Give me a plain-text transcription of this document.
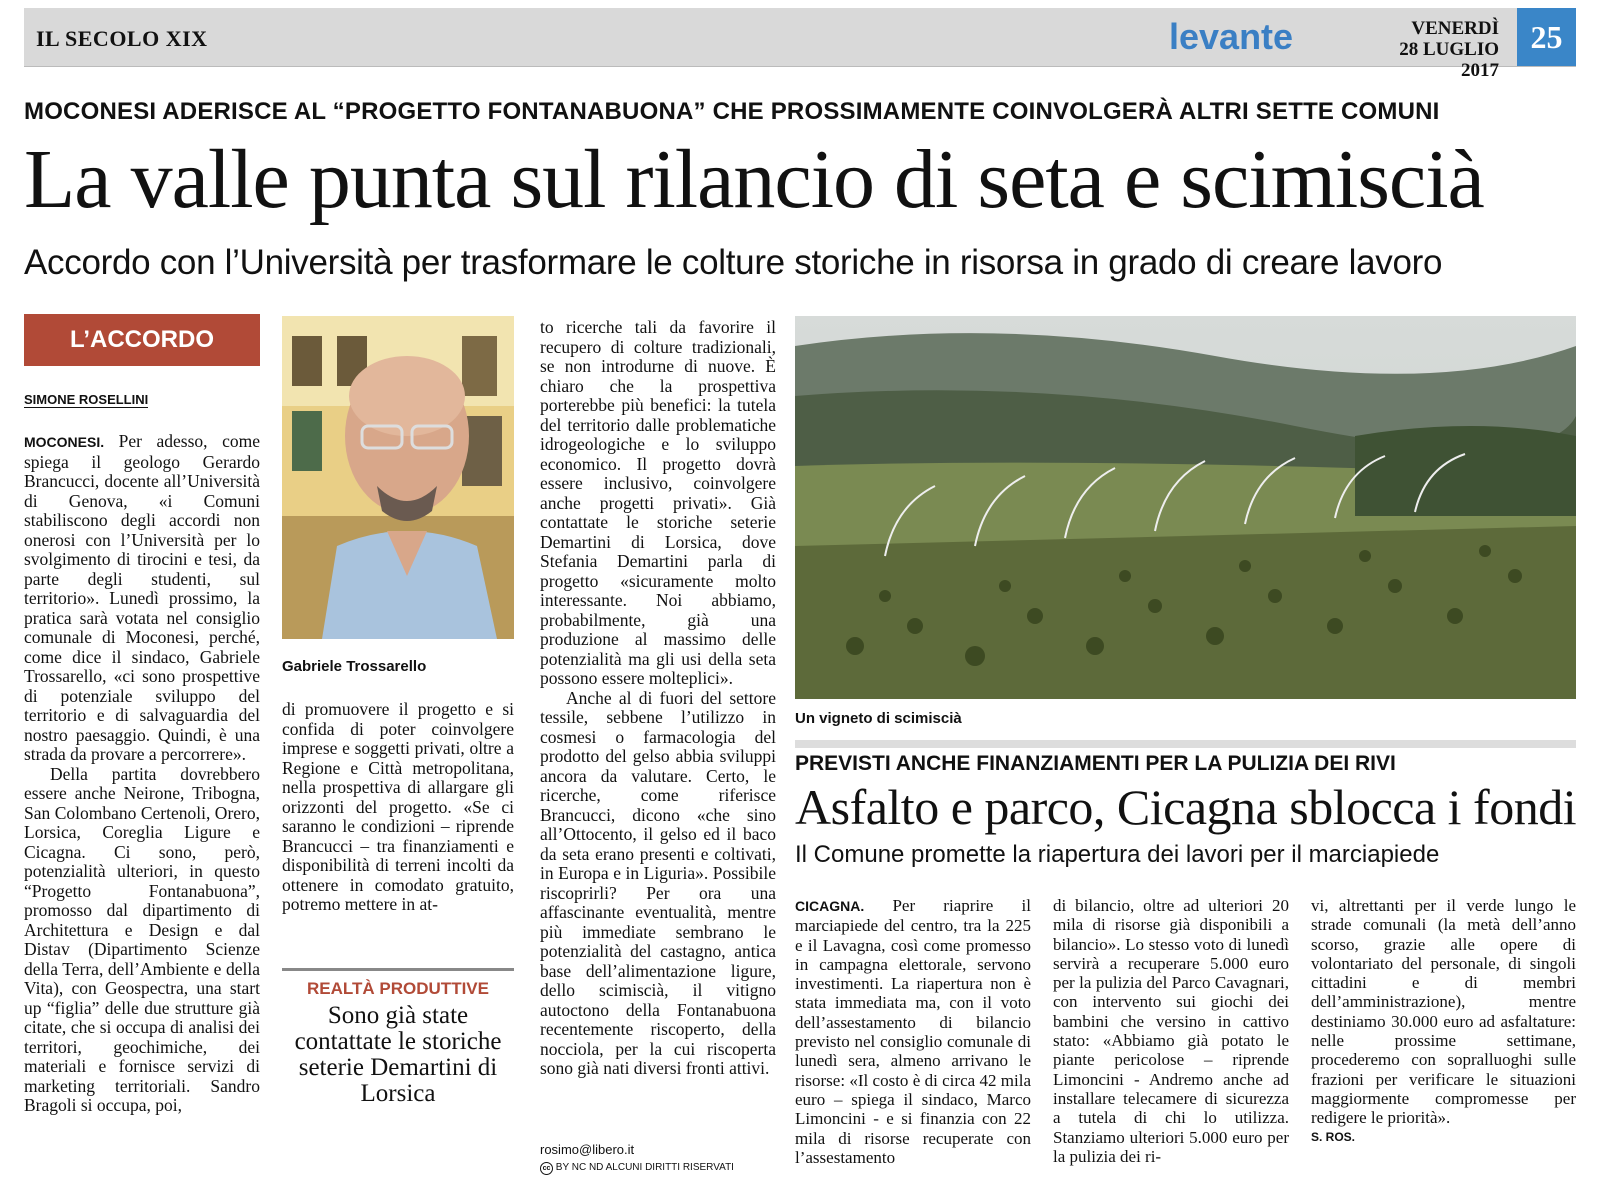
IL SECOLO XIX	levante	VENERDÌ
28 LUGLIO 2017
25
MOCONESI ADERISCE AL “PROGETTO FONTANABUONA” CHE PROSSIMAMENTE COINVOLGERÀ ALTRI SETTE COMUNI
La valle punta sul rilancio di seta e scimiscià
Accordo con l’Università per trasformare le colture storiche in risorsa in grado di creare lavoro
L’ACCORDO
SIMONE ROSELLINI

MOCONESI. Per adesso, come spiega il geologo Gerardo Brancucci, docente all’Università di Genova, «i Comuni stabiliscono degli accordi non onerosi con l’Università per lo svolgimento di tirocini e tesi, da parte degli studenti, sul territorio». Lunedì prossimo, la pratica sarà votata nel consiglio comunale di Moconesi, perché, come dice il sindaco, Gabriele Trossarello, «ci sono prospettive di potenziale sviluppo del territorio e di salvaguardia del nostro paesaggio. Quindi, è una strada da provare a percorrere».

Della partita dovrebbero essere anche Neirone, Tribogna, San Colombano Certenoli, Orero, Lorsica, Coreglia Ligure e Cicagna. Ci sono, però, potenzialità ulteriori, in questo “Progetto Fontanabuona”, promosso dal dipartimento di Architettura e Design e dal Distav (Dipartimento Scienze della Terra, dell’Ambiente e della Vita), con Geospectra, una start up “figlia” delle due strutture già citate, che si occupa di analisi dei territori, geochimiche, dei materiali e fornisce servizi di marketing territoriali. Sandro Bragoli si occupa, poi,

Gabriele Trossarello

di promuovere il progetto e si confida di poter coinvolgere imprese e soggetti privati, oltre a Regione e Città metropolitana, nella prospettiva di allargare gli orizzonti del progetto. «Se ci saranno le condizioni – riprende Brancucci – tra finanziamenti e disponibilità di terreni incolti da ottenere in comodato gratuito, potremo mettere in at-

REALTÀ PRODUTTIVE
Sono già state contattate le storiche seterie Demartini di Lorsica

to ricerche tali da favorire il recupero di colture tradizionali, se non introdurne di nuove. È chiaro che la prospettiva porterebbe più benefici: la tutela del territorio dalle problematiche idrogeologiche e lo sviluppo economico. Il progetto dovrà essere inclusivo, coinvolgere anche progetti privati». Già contattate le storiche seterie Demartini di Lorsica, dove Stefania Demartini parla di progetto «sicuramente molto interessante. Noi abbiamo, probabilmente, già una produzione al massimo delle potenzialità ma gli usi della seta possono essere molteplici».

Anche al di fuori del settore tessile, sebbene l’utilizzo in cosmesi o farmacologia del prodotto del gelso abbia sviluppi ancora da valutare. Certo, le ricerche, come riferisce Brancucci, dicono «che sino all’Ottocento, il gelso ed il baco da seta erano presenti e coltivati, in Europa e in Liguria». Possibile riscoprirli? Per ora una affascinante eventualità, mentre più immediate sembrano le potenzialità del castagno, antica base dell’alimentazione ligure, dello scimiscià, il vitigno autoctono della Fontanabuona recentemente riscoperto, della nocciola, per la cui riscoperta sono già nati diversi fronti attivi.

rosimo@libero.it
cc BY NC ND ALCUNI DIRITTI RISERVATI
Un vigneto di scimiscià
PREVISTI ANCHE FINANZIAMENTI PER LA PULIZIA DEI RIVI
Asfalto e parco, Cicagna sblocca i fondi
Il Comune promette la riapertura dei lavori per il marciapiede

CICAGNA. Per riaprire il marciapiede del centro, tra la 225 e il Lavagna, così come promesso in campagna elettorale, servono investimenti. La riapertura non è stata immediata ma, con il voto dell’assestamento di bilancio previsto nel consiglio comunale di lunedì sera, almeno arrivano le risorse: «Il costo è di circa 42 mila euro – spiega il sindaco, Marco Limoncini - e si finanzia con 22 mila di risorse recuperate con l’assestamento

di bilancio, oltre ad ulteriori 20 mila di risorse già disponibili a bilancio». Lo stesso voto di lunedì servirà a recuperare 5.000 euro per la pulizia del Parco Cavagnari, con intervento sui giochi dei bambini che versino in cattivo stato: «Abbiamo già potato le piante pericolose – riprende Limoncini - Andremo anche ad installare telecamere di sicurezza a tutela di chi lo utilizza. Stanziamo ulteriori 5.000 euro per la pulizia dei ri-

vi, altrettanti per il verde lungo le strade comunali (la metà dell’anno scorso, grazie alle opere di volontariato del personale, di singoli cittadini e di membri dell’amministrazione), mentre destiniamo 30.000 euro ad asfaltature: nelle prossime settimane, procederemo con sopralluoghi sulle frazioni per verificare le situazioni maggiormente compromesse per redigere le priorità».

S. ROS.
